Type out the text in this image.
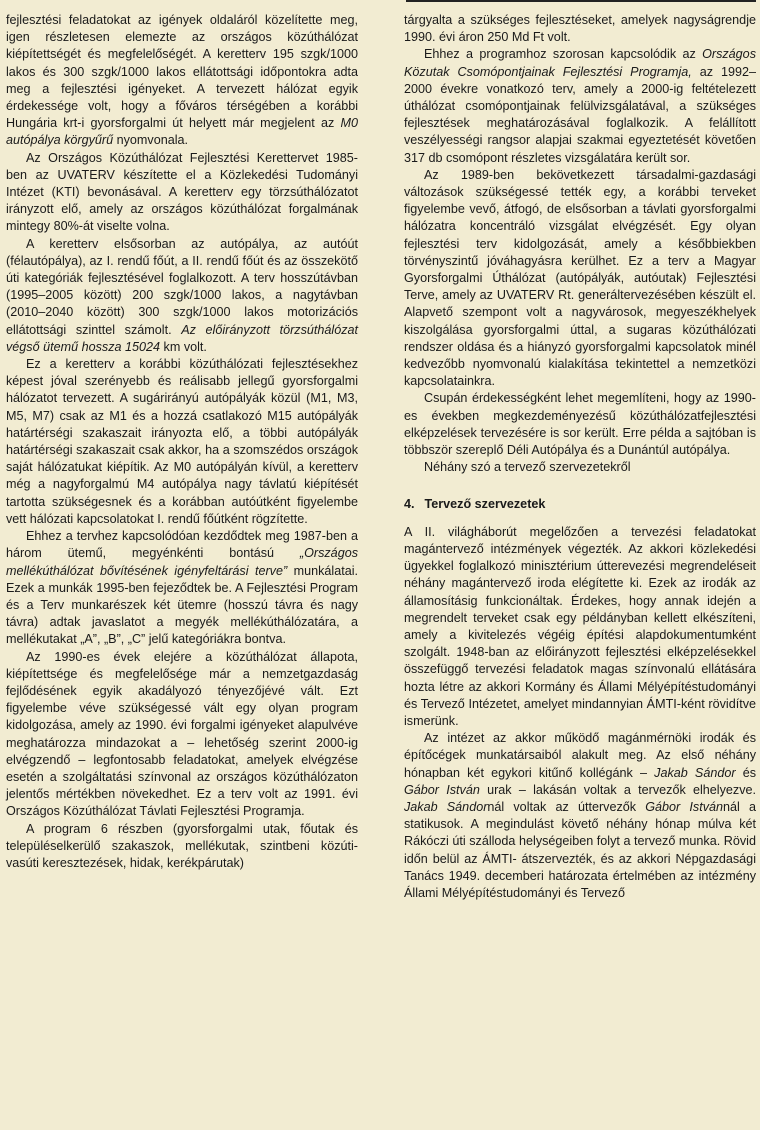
fejlesztési feladatokat az igények oldaláról közelítette meg, igen részletesen elemezte az országos közúthálózat kiépítettségét és megfelelőségét. A keretterv 195 szgk/1000 lakos és 300 szgk/1000 lakos ellátottsági időpontokra adta meg a fejlesztési igényeket. A tervezett hálózat egyik érdekessége volt, hogy a főváros térségében a korábbi Hungária krt-i gyorsforgalmi út helyett már megjelent az M0 autópálya körgyűrű nyomvonala.

Az Országos Közúthálózat Fejlesztési Kerettervet 1985-ben az UVATERV készítette el a Közlekedési Tudományi Intézet (KTI) bevonásával. A keretterv egy törzsúthálózatot irányzott elő, amely az országos közúthálózat forgalmának mintegy 80%-át viselte volna.

A keretterv elsősorban az autópálya, az autóút (félautópálya), az I. rendű főút, a II. rendű főút és az összekötő úti kategóriák fejlesztésével foglalkozott. A terv hosszútávban (1995–2005 között) 200 szgk/1000 lakos, a nagytávban (2010–2040 között) 300 szgk/1000 lakos motorizációs ellátottsági szinttel számolt. Az előirányzott törzsúthálózat végső ütemű hossza 15024 km volt.

Ez a keretterv a korábbi közúthálózati fejlesztésekhez képest jóval szerényebb és reálisabb jellegű gyorsforgalmi hálózatot tervezett. A sugárirányú autópályák közül (M1, M3, M5, M7) csak az M1 és a hozzá csatlakozó M15 autópályák határtérségi szakaszait irányozta elő, a többi autópályák határtérségi szakaszait csak akkor, ha a szomszédos országok saját hálózatukat kiépítik. Az M0 autópályán kívül, a keretterv még a nagyforgalmú M4 autópálya nagy távlatú kiépítését tartotta szükségesnek és a korábban autóútként figyelembe vett hálózati kapcsolatokat I. rendű főútként rögzítette.

Ehhez a tervhez kapcsolódóan kezdődtek meg 1987-ben a három ütemű, megyénkénti bontású „Országos mellékúthálózat bővítésének igényfeltárási terve” munkálatai. Ezek a munkák 1995-ben fejeződtek be. A Fejlesztési Program és a Terv munkarészek két ütemre (hosszú távra és nagy távra) adtak javaslatot a megyék mellékúthálózatára, a mellékutakat „A”, „B”, „C” jelű kategóriákra bontva.

Az 1990-es évek elejére a közúthálózat állapota, kiépítettsége és megfelelősége már a nemzetgazdaság fejlődésének egyik akadályozó tényezőjévé vált. Ezt figyelembe véve szükségessé vált egy olyan program kidolgozása, amely az 1990. évi forgalmi igényeket alapulvéve meghatározza mindazokat a – lehetőség szerint 2000-ig elvégzendő – legfontosabb feladatokat, amelyek elvégzése esetén a szolgáltatási színvonal az országos közúthálózaton jelentős mértékben növekedhet. Ez a terv volt az 1991. évi Országos Közúthálózat Távlati Fejlesztési Programja.

A program 6 részben (gyorsforgalmi utak, főutak és településelkerülő szakaszok, mellékutak, szintbeni közúti-vasúti keresztezések, hidak, kerékpárutak)

tárgyalta a szükséges fejlesztéseket, amelyek nagyságrendje 1990. évi áron 250 Md Ft volt.

Ehhez a programhoz szorosan kapcsolódik az Országos Közutak Csomópontjainak Fejlesztési Programja, az 1992–2000 évekre vonatkozó terv, amely a 2000-ig feltételezett úthálózat csomópontjainak felülvizsgálatával, a szükséges fejlesztések meghatározásával foglalkozik. A felállított veszélyességi rangsor alapjai szakmai egyeztetését követően 317 db csomópont részletes vizsgálatára került sor.

Az 1989-ben bekövetkezett társadalmi-gazdasági változások szükségessé tették egy, a korábbi terveket figyelembe vevő, átfogó, de elsősorban a távlati gyorsforgalmi hálózatra koncentráló vizsgálat elvégzését. Egy olyan fejlesztési terv kidolgozását, amely a későbbiekben törvényszintű jóváhagyásra kerülhet. Ez a terv a Magyar Gyorsforgalmi Úthálózat (autópályák, autóutak) Fejlesztési Terve, amely az UVATERV Rt. generáltervezésében készült el. Alapvető szempont volt a nagyvárosok, megyeszékhelyek kiszolgálása gyorsforgalmi úttal, a sugaras közúthálózati rendszer oldása és a hiányzó gyorsforgalmi kapcsolatok minél kedvezőbb nyomvonalú kialakítása tekintettel a nemzetközi kapcsolatainkra.

Csupán érdekességként lehet megemlíteni, hogy az 1990-es években megkezdeményezésű közúthálózatfejlesztési elképzelések tervezésére is sor került. Erre példa a sajtóban is többször szereplő Déli Autópálya és a Dunántúl autópálya.

Néhány szó a tervező szervezetekről

4. Tervező szervezetek

A II. világháborút megelőzően a tervezési feladatokat magántervező intézmények végezték. Az akkori közlekedési ügyekkel foglalkozó minisztérium útterevezési megrendeléseit néhány magántervező iroda elégítette ki. Ezek az irodák az államosításig funkcionáltak. Érdekes, hogy annak idején a megrendelt terveket csak egy példányban kellett elkészíteni, amely a kivitelezés végéig építési alapdokumentumként szolgált. 1948-ban az előirányzott fejlesztési elképzelésekkel összefüggő tervezési feladatok magas színvonalú ellátására hozta létre az akkori Kormány és Állami Mélyépítéstudományi és Tervező Intézetet, amelyet mindannyian ÁMTI-ként rövidítve ismerünk.

Az intézet az akkor működő magánmérnöki irodák és építőcégek munkatársaiból alakult meg. Az első néhány hónapban két egykori kitűnő kollégánk – Jakab Sándor és Gábor István urak – lakásán voltak a tervezők elhelyezve. Jakab Sándornál voltak az úttervezők Gábor Istvánnál a statikusok. A megindulást követő néhány hónap múlva két Rákóczi úti szálloda helységeiben folyt a tervező munka. Rövid időn belül az ÁMTI- átszervezték, és az akkori Népgazdasági Tanács 1949. decemberi határozata értelmében az intézmény Állami Mélyépítéstudományi és Tervező
